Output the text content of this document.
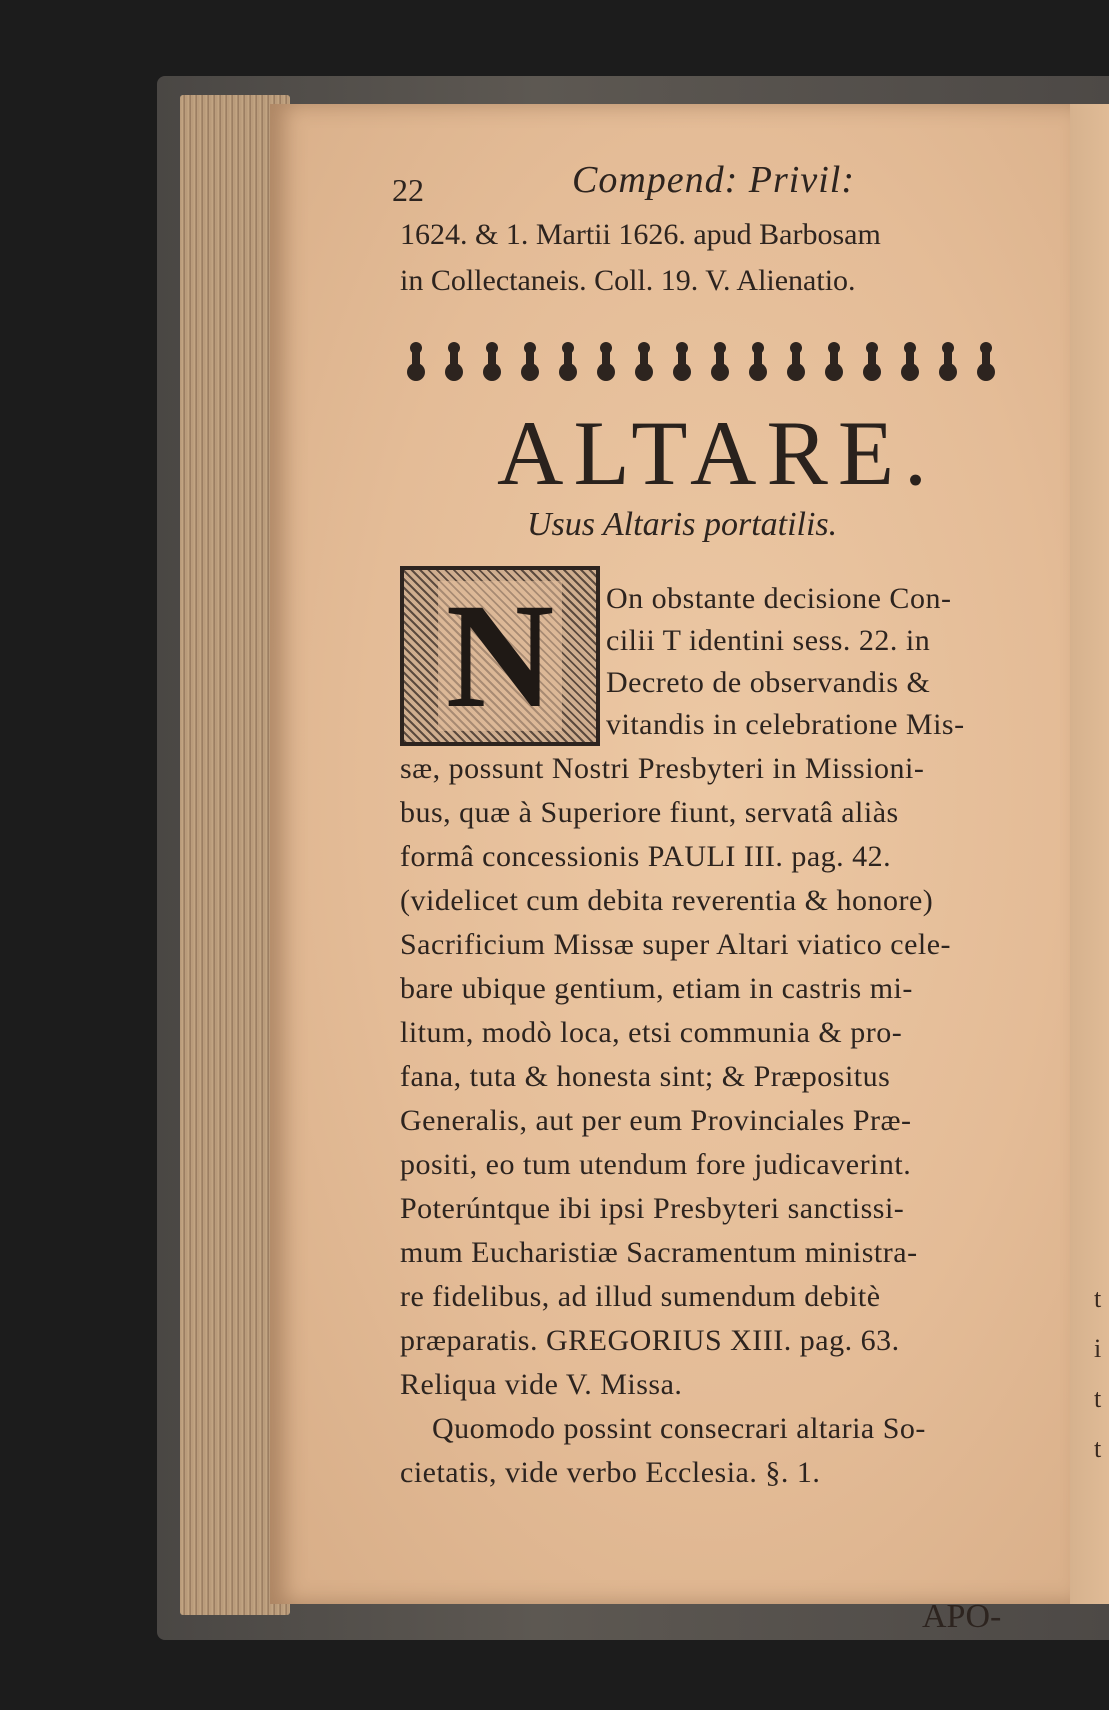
t
i
t
t
22	Compend: Privil:
1624. & 1. Martii 1626. apud Barbosam
in Collectaneis. Coll. 19. V. Alienatio.
ALTARE.
Usus Altaris portatilis.
N On obstante decisione Con-
cilii T identini sess. 22. in
Decreto de observandis &
vitandis in celebratione Mis-
sæ, possunt Nostri Presbyteri in Missioni-
bus, quæ à Superiore fiunt, servatâ aliàs
formâ concessionis PAULI III. pag. 42.
(videlicet cum debita reverentia & honore)
Sacrificium Missæ super Altari viatico cele-
bare ubique gentium, etiam in castris mi-
litum, modò loca, etsi communia & pro-
fana, tuta & honesta sint; & Præpositus
Generalis, aut per eum Provinciales Præ-
positi, eo tum utendum fore judicaverint.
Poterúntque ibi ipsi Presbyteri sanctissi-
mum Eucharistiæ Sacramentum ministra-
re fidelibus, ad illud sumendum debitè
præparatis. GREGORIUS XIII. pag. 63.
Reliqua vide V. Missa.
Quomodo possint consecrari altaria So-
cietatis, vide verbo Ecclesia. §. 1.
APO-
